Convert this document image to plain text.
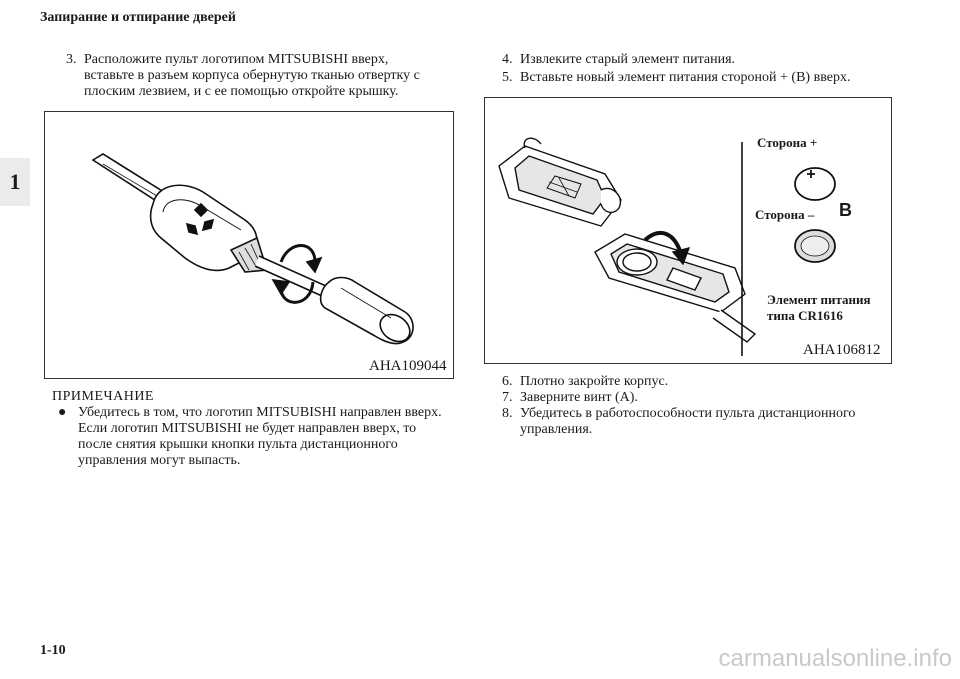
Запирание и отпирание дверей
1
3. Расположите пульт логотипом MITSUBISHI вверх, вставьте в разъем корпуса обернутую тканью отвертку с плоским лезвием, и с ее помощью откройте крышку.
AHA109044
ПРИМЕЧАНИЕ
● Убедитесь в том, что логотип MITSUBISHI направлен вверх. Если логотип MITSUBISHI не будет направлен вверх, то после снятия крышки кнопки пульта дистанционного управления могут выпасть.
4. Извлеките старый элемент питания.
5. Вставьте новый элемент питания стороной + (B) вверх.
Сторона +
Сторона – B
Элемент питания
типа CR1616
AHA106812
6. Плотно закройте корпус.
7. Заверните винт (A).
8. Убедитесь в работоспособности пульта дистанционного управления.
1-10	carmanualsonline.info
